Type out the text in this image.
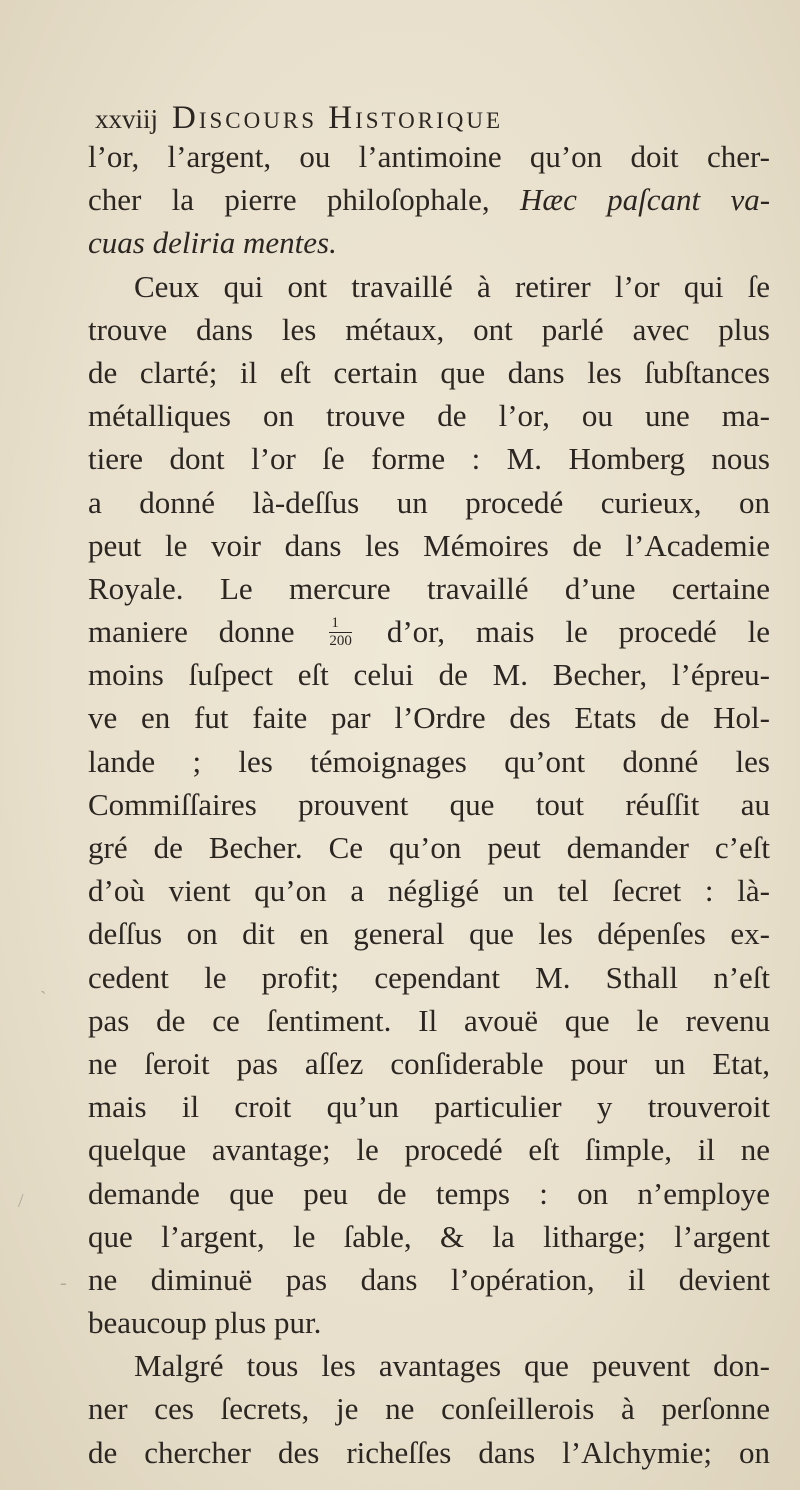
xxviij Discours Historique
l’or, l’argent, ou l’antimoine qu’on doit cher-
cher la pierre philoſophale, Hæc paſcant va-
cuas deliria mentes.
Ceux qui ont travaillé à retirer l’or qui ſe
trouve dans les métaux, ont parlé avec plus
de clarté; il eſt certain que dans les ſubſtances
métalliques on trouve de l’or, ou une ma-
tiere dont l’or ſe forme : M. Homberg nous
a donné là-deſſus un procedé curieux, on
peut le voir dans les Mémoires de l’Academie
Royale. Le mercure travaillé d’une certaine
maniere donne $\frac{1}{200}$ d’or, mais le procedé le
moins ſuſpect eſt celui de M. Becher, l’épreu-
ve en fut faite par l’Ordre des Etats de Hol-
lande ; les témoignages qu’ont donné les
Commiſſaires prouvent que tout réuſſit au
gré de Becher. Ce qu’on peut demander c’eſt
d’où vient qu’on a négligé un tel ſecret : là-
deſſus on dit en general que les dépenſes ex-
cedent le profit; cependant M. Sthall n’eſt
pas de ce ſentiment. Il avouë que le revenu
ne ſeroit pas aſſez conſiderable pour un Etat,
mais il croit qu’un particulier y trouveroit
quelque avantage; le procedé eſt ſimple, il ne
demande que peu de temps : on n’employe
que l’argent, le ſable, & la litharge; l’argent
ne diminuë pas dans l’opération, il devient
beaucoup plus pur.
Malgré tous les avantages que peuvent don-
ner ces ſecrets, je ne conſeillerois à perſonne
de chercher des richeſſes dans l’Alchymie; on
ˋ
/
-
